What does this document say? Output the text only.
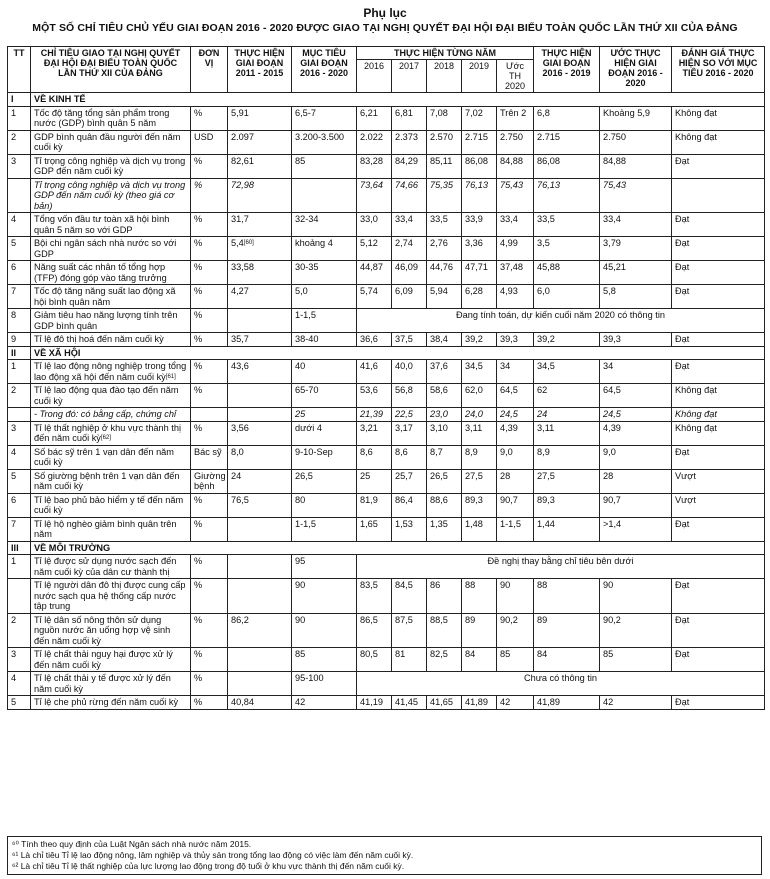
Phụ lục
MỘT SỐ CHỈ TIÊU CHỦ YẾU GIAI ĐOẠN 2016 - 2020 ĐƯỢC GIAO TẠI NGHỊ QUYẾT ĐẠI HỘI ĐẠI BIỂU TOÀN QUỐC LẦN THỨ XII CỦA ĐẢNG
TT	CHỈ TIÊU GIAO TẠI NGHỊ QUYẾT ĐẠI HỘI ĐẠI BIỂU TOÀN QUỐC LẦN THỨ XII CỦA ĐẢNG	ĐƠN VỊ	THỰC HIỆN GIAI ĐOẠN 2011 - 2015	MỤC TIÊU GIAI ĐOẠN 2016 - 2020	THỰC HIỆN TỪNG NĂM					THỰC HIỆN GIAI ĐOẠN 2016 - 2019	ƯỚC THỰC HIỆN GIAI ĐOẠN 2016 - 2020	ĐÁNH GIÁ THỰC HIỆN SO VỚI MỤC TIÊU 2016 - 2020
					2016	2017	2018	2019	Ước TH 2020			
I	VỀ KINH TẾ											
1	Tốc độ tăng tổng sản phẩm trong nước (GDP) bình quân 5 năm	%	5,91	6,5-7	6,21	6,81	7,08	7,02	Trên 2	6,8	Khoảng 5,9	Không đạt
2	GDP bình quân đầu người đến năm cuối kỳ	USD	2.097	3.200-3.500	2.022	2.373	2.570	2.715	2.750	2.715	2.750	Không đạt
3	Tỉ trọng công nghiệp và dịch vụ trong GDP đến năm cuối kỳ	%	82,61	85	83,28	84,29	85,11	86,08	84,88	86,08	84,88	Đạt
	Tỉ trọng công nghiệp và dịch vụ trong GDP đến năm cuối kỳ (theo giá cơ bản)	%	72,98		73,64	74,66	75,35	76,13	75,43	76,13	75,43	
4	Tổng vốn đầu tư toàn xã hội bình quân 5 năm so với GDP	%	31,7	32-34	33,0	33,4	33,5	33,9	33,4	33,5	33,4	Đạt
5	Bội chi ngân sách nhà nước so với GDP	%	5,4[60]	khoảng 4	5,12	2,74	2,76	3,36	4,99	3,5	3,79	Đạt
6	Năng suất các nhân tố tổng hợp (TFP) đóng góp vào tăng trưởng	%	33,58	30-35	44,87	46,09	44,76	47,71	37,48	45,88	45,21	Đạt
7	Tốc độ tăng năng suất lao động xã hội bình quân năm	%	4,27	5,0	5,74	6,09	5,94	6,28	4,93	6,0	5,8	Đạt
8	Giảm tiêu hao năng lượng tính trên GDP bình quân	%		1-1,5	Đang tính toán, dự kiến cuối năm 2020 có thông tin							
9	Tỉ lệ đô thị hoá đến năm cuối kỳ	%	35,7	38-40	36,6	37,5	38,4	39,2	39,3	39,2	39,3	Đạt
II	VỀ XÃ HỘI											
1	Tỉ lệ lao động nông nghiệp trong tổng lao động xã hội đến năm cuối kỳ[61]	%	43,6	40	41,6	40,0	37,6	34,5	34	34,5	34	Đạt
2	Tỉ lệ lao động qua đào tạo đến năm cuối kỳ	%		65-70	53,6	56,8	58,6	62,0	64,5	62	64,5	Không đạt
	- Trong đó: có bằng cấp, chứng chỉ			25	21,39	22,5	23,0	24,0	24,5	24	24,5	Không đạt
3	Tỉ lệ thất nghiệp ở khu vực thành thị đến năm cuối kỳ[62]	%	3,56	dưới 4	3,21	3,17	3,10	3,11	4,39	3,11	4,39	Không đạt
4	Số bác sỹ trên 1 vạn dân đến năm cuối kỳ	Bác sỹ	8,0	9-10-Sep	8,6	8,6	8,7	8,9	9,0	8,9	9,0	Đạt
5	Số giường bệnh trên 1 vạn dân đến năm cuối kỳ	Giường bệnh	24	26,5	25	25,7	26,5	27,5	28	27,5	28	Vượt
6	Tỉ lệ bao phủ bảo hiểm y tế đến năm cuối kỳ	%	76,5	80	81,9	86,4	88,6	89,3	90,7	89,3	90,7	Vượt
7	Tỉ lệ hộ nghèo giảm bình quân trên năm	%		1-1,5	1,65	1,53	1,35	1,48	1-1,5	1,44	>1,4	Đạt
III	VỀ MÔI TRƯỜNG											
1	Tỉ lệ được sử dụng nước sạch đến năm cuối kỳ của dân cư thành thị	%		95	Đề nghị thay bằng chỉ tiêu bên dưới							
	Tỉ lệ người dân đô thị được cung cấp nước sạch qua hệ thống cấp nước tập trung	%		90	83,5	84,5	86	88	90	88	90	Đạt
2	Tỉ lệ dân số nông thôn sử dụng nguồn nước ăn uống hợp vệ sinh đến năm cuối kỳ	%	86,2	90	86,5	87,5	88,5	89	90,2	89	90,2	Đạt
3	Tỉ lệ chất thải nguy hại được xử lý đến năm cuối kỳ	%		85	80,5	81	82,5	84	85	84	85	Đạt
4	Tỉ lệ chất thải y tế được xử lý đến năm cuối kỳ	%		95-100	Chưa có thông tin							
5	Tỉ lệ che phủ rừng đến năm cuối kỳ	%	40,84	42	41,19	41,45	41,65	41,89	42	41,89	42	Đạt
⁶⁰ Tính theo quy định của Luật Ngân sách nhà nước năm 2015.
⁶¹ Là chỉ tiêu Tỉ lệ lao động nông, lâm nghiệp và thủy sản trong tổng lao động có việc làm đến năm cuối kỳ.
⁶² Là chỉ tiêu Tỉ lệ thất nghiệp của lực lượng lao động trong độ tuổi ở khu vực thành thị đến năm cuối kỳ.
